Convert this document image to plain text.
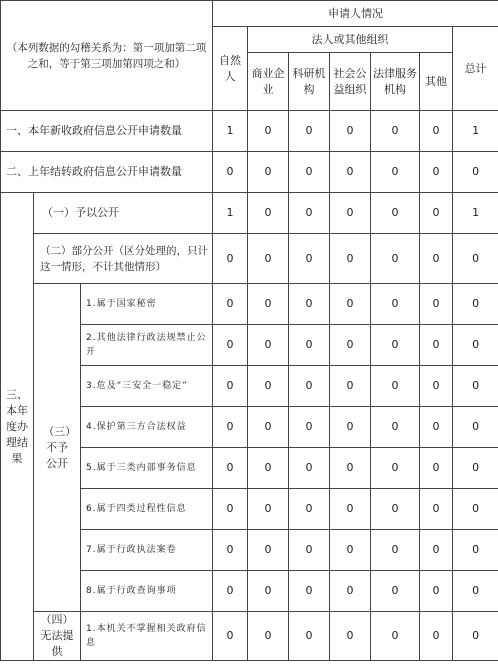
（本列数据的勾稽关系为：第一项加第二项之和，等于第三项加第四项之和）			申请人情况						
			自然人	法人或其他组织					总计
				商业企业	科研机构	社会公益组织	法律服务机构	其他	
一、本年新收政府信息公开申请数量			1	0	0	0	0	0	1
二、上年结转政府信息公开申请数量			0	0	0	0	0	0	0
三、本年度办理结果	（一）予以公开		1	0	0	0	0	0	1
	（二）部分公开（区分处理的，只计这一情形，不计其他情形）		0	0	0	0	0	0	0
	（三）不予公开	1.属于国家秘密	0	0	0	0	0	0	0
		2.其他法律行政法规禁止公开	0	0	0	0	0	0	0
		3.危及“三安全一稳定”	0	0	0	0	0	0	0
		4.保护第三方合法权益	0	0	0	0	0	0	0
		5.属于三类内部事务信息	0	0	0	0	0	0	0
		6.属于四类过程性信息	0	0	0	0	0	0	0
		7.属于行政执法案卷	0	0	0	0	0	0	0
		8.属于行政查询事项	0	0	0	0	0	0	0
	（四）无法提供	1.本机关不掌握相关政府信息	0	0	0	0	0	0	0
